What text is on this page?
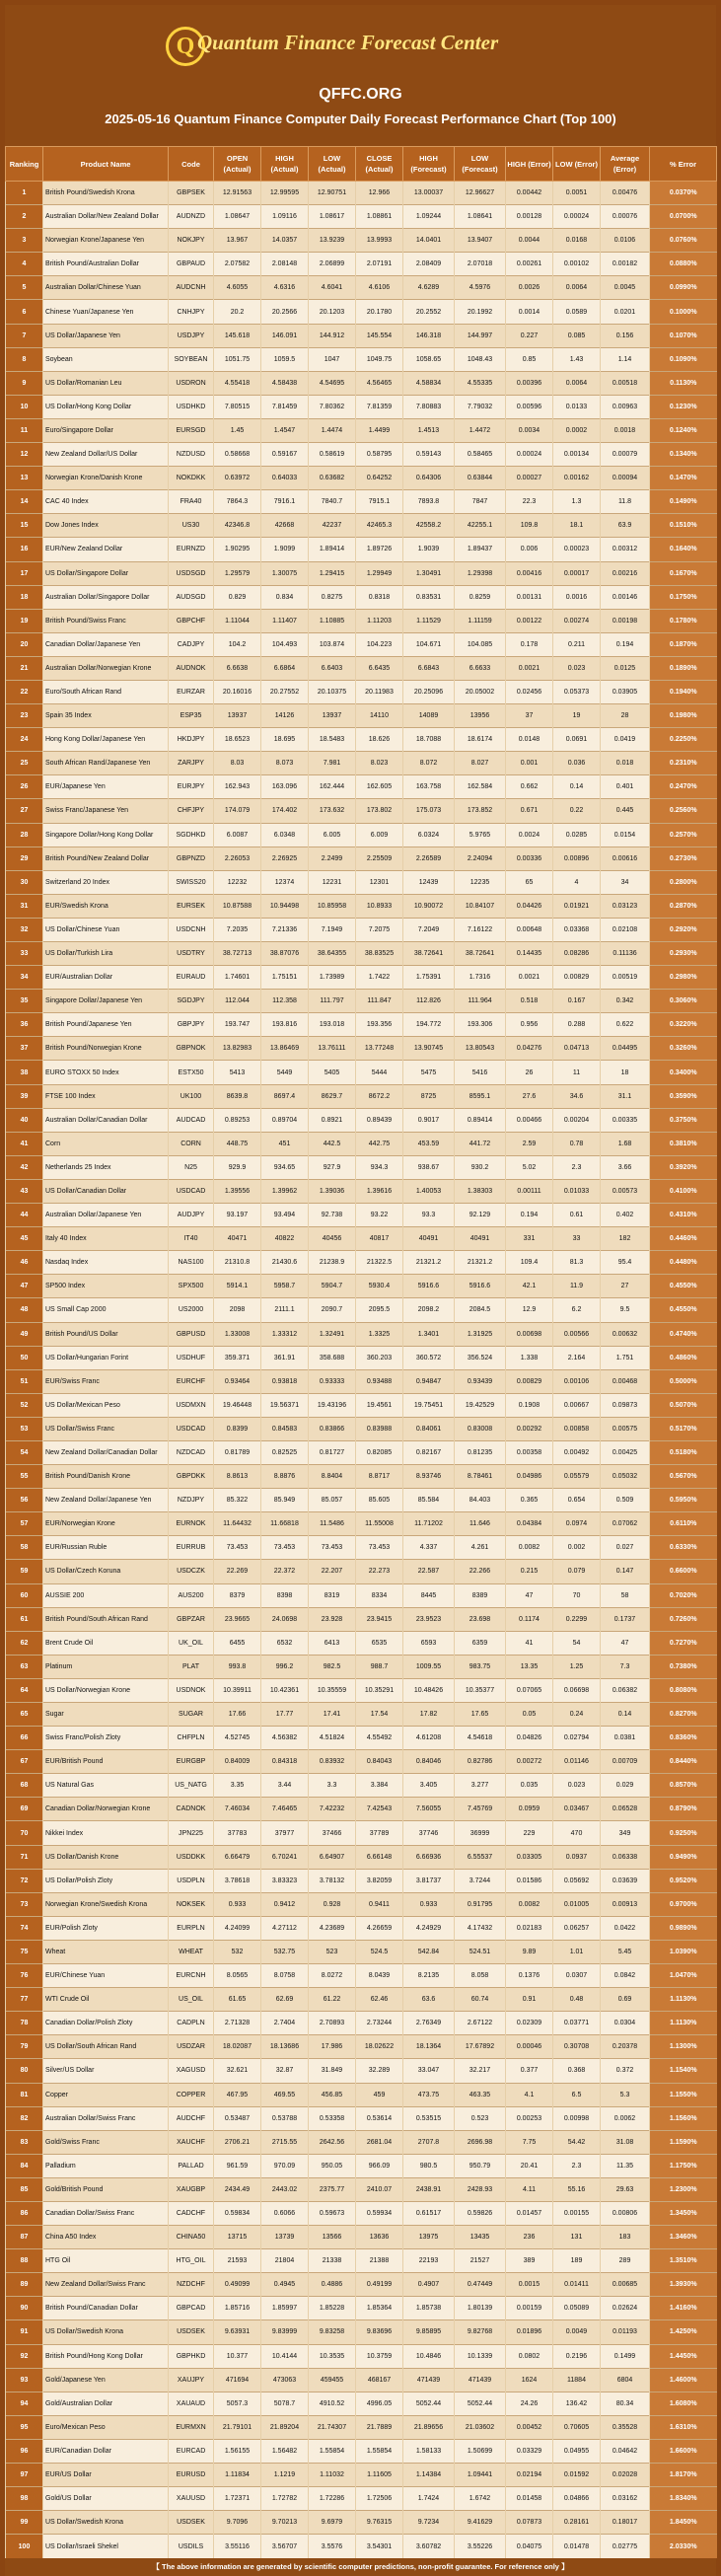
Q Quantum Finance Forecast Center
QFFC.ORG
2025-05-16 Quantum Finance Computer Daily Forecast Performance Chart (Top 100)
Ranking	Product Name	Code	OPEN (Actual)	HIGH (Actual)	LOW (Actual)	CLOSE (Actual)	HIGH (Forecast)	LOW (Forecast)	HIGH (Error)	LOW (Error)	Average (Error)	% Error
1	British Pound/Swedish Krona	GBPSEK	12.91563	12.99595	12.90751	12.966	13.00037	12.96627	0.00442	0.0051	0.00476	0.0370%
2	Australian Dollar/New Zealand Dollar	AUDNZD	1.08647	1.09116	1.08617	1.08861	1.09244	1.08641	0.00128	0.00024	0.00076	0.0700%
3	Norwegian Krone/Japanese Yen	NOKJPY	13.967	14.0357	13.9239	13.9993	14.0401	13.9407	0.0044	0.0168	0.0106	0.0760%
4	British Pound/Australian Dollar	GBPAUD	2.07582	2.08148	2.06899	2.07191	2.08409	2.07018	0.00261	0.00102	0.00182	0.0880%
5	Australian Dollar/Chinese Yuan	AUDCNH	4.6055	4.6316	4.6041	4.6106	4.6289	4.5976	0.0026	0.0064	0.0045	0.0990%
6	Chinese Yuan/Japanese Yen	CNHJPY	20.2	20.2566	20.1203	20.1780	20.2552	20.1992	0.0014	0.0589	0.0201	0.1000%
7	US Dollar/Japanese Yen	USDJPY	145.618	146.091	144.912	145.554	146.318	144.997	0.227	0.085	0.156	0.1070%
8	Soybean	SOYBEAN	1051.75	1059.5	1047	1049.75	1058.65	1048.43	0.85	1.43	1.14	0.1090%
9	US Dollar/Romanian Leu	USDRON	4.55418	4.58438	4.54695	4.56465	4.58834	4.55335	0.00396	0.0064	0.00518	0.1130%
10	US Dollar/Hong Kong Dollar	USDHKD	7.80515	7.81459	7.80362	7.81359	7.80883	7.79032	0.00596	0.0133	0.00963	0.1230%
11	Euro/Singapore Dollar	EURSGD	1.45	1.4547	1.4474	1.4499	1.4513	1.4472	0.0034	0.0002	0.0018	0.1240%
12	New Zealand Dollar/US Dollar	NZDUSD	0.58668	0.59167	0.58619	0.58795	0.59143	0.58465	0.00024	0.00134	0.00079	0.1340%
13	Norwegian Krone/Danish Krone	NOKDKK	0.63972	0.64033	0.63682	0.64252	0.64306	0.63844	0.00027	0.00162	0.00094	0.1470%
14	CAC 40 Index	FRA40	7864.3	7916.1	7840.7	7915.1	7893.8	7847	22.3	1.3	11.8	0.1490%
15	Dow Jones Index	US30	42346.8	42668	42237	42465.3	42558.2	42255.1	109.8	18.1	63.9	0.1510%
16	EUR/New Zealand Dollar	EURNZD	1.90295	1.9099	1.89414	1.89726	1.9039	1.89437	0.006	0.00023	0.00312	0.1640%
17	US Dollar/Singapore Dollar	USDSGD	1.29579	1.30075	1.29415	1.29949	1.30491	1.29398	0.00416	0.00017	0.00216	0.1670%
18	Australian Dollar/Singapore Dollar	AUDSGD	0.829	0.834	0.8275	0.8318	0.83531	0.8259	0.00131	0.0016	0.00146	0.1750%
19	British Pound/Swiss Franc	GBPCHF	1.11044	1.11407	1.10885	1.11203	1.11529	1.11159	0.00122	0.00274	0.00198	0.1780%
20	Canadian Dollar/Japanese Yen	CADJPY	104.2	104.493	103.874	104.223	104.671	104.085	0.178	0.211	0.194	0.1870%
21	Australian Dollar/Norwegian Krone	AUDNOK	6.6638	6.6864	6.6403	6.6435	6.6843	6.6633	0.0021	0.023	0.0125	0.1890%
22	Euro/South African Rand	EURZAR	20.16016	20.27552	20.10375	20.11983	20.25096	20.05002	0.02456	0.05373	0.03905	0.1940%
23	Spain 35 Index	ESP35	13937	14126	13937	14110	14089	13956	37	19	28	0.1980%
24	Hong Kong Dollar/Japanese Yen	HKDJPY	18.6523	18.695	18.5483	18.626	18.7088	18.6174	0.0148	0.0691	0.0419	0.2250%
25	South African Rand/Japanese Yen	ZARJPY	8.03	8.073	7.981	8.023	8.072	8.027	0.001	0.036	0.018	0.2310%
26	EUR/Japanese Yen	EURJPY	162.943	163.096	162.444	162.605	163.758	162.584	0.662	0.14	0.401	0.2470%
27	Swiss Franc/Japanese Yen	CHFJPY	174.079	174.402	173.632	173.802	175.073	173.852	0.671	0.22	0.445	0.2560%
28	Singapore Dollar/Hong Kong Dollar	SGDHKD	6.0087	6.0348	6.005	6.009	6.0324	5.9765	0.0024	0.0285	0.0154	0.2570%
29	British Pound/New Zealand Dollar	GBPNZD	2.26053	2.26925	2.2499	2.25509	2.26589	2.24094	0.00336	0.00896	0.00616	0.2730%
30	Switzerland 20 Index	SWISS20	12232	12374	12231	12301	12439	12235	65	4	34	0.2800%
31	EUR/Swedish Krona	EURSEK	10.87588	10.94498	10.85958	10.8933	10.90072	10.84107	0.04426	0.01921	0.03123	0.2870%
32	US Dollar/Chinese Yuan	USDCNH	7.2035	7.21336	7.1949	7.2075	7.2049	7.16122	0.00648	0.03368	0.02108	0.2920%
33	US Dollar/Turkish Lira	USDTRY	38.72713	38.87076	38.64355	38.83525	38.72641	38.72641	0.14435	0.08286	0.11136	0.2930%
34	EUR/Australian Dollar	EURAUD	1.74601	1.75151	1.73989	1.7422	1.75391	1.7316	0.0021	0.00829	0.00519	0.2980%
35	Singapore Dollar/Japanese Yen	SGDJPY	112.044	112.358	111.797	111.847	112.826	111.964	0.518	0.167	0.342	0.3060%
36	British Pound/Japanese Yen	GBPJPY	193.747	193.816	193.018	193.356	194.772	193.306	0.956	0.288	0.622	0.3220%
37	British Pound/Norwegian Krone	GBPNOK	13.82983	13.86469	13.76111	13.77248	13.90745	13.80543	0.04276	0.04713	0.04495	0.3260%
38	EURO STOXX 50 Index	ESTX50	5413	5449	5405	5444	5475	5416	26	11	18	0.3400%
39	FTSE 100 Index	UK100	8639.8	8697.4	8629.7	8672.2	8725	8595.1	27.6	34.6	31.1	0.3590%
40	Australian Dollar/Canadian Dollar	AUDCAD	0.89253	0.89704	0.8921	0.89439	0.9017	0.89414	0.00466	0.00204	0.00335	0.3750%
41	Corn	CORN	448.75	451	442.5	442.75	453.59	441.72	2.59	0.78	1.68	0.3810%
42	Netherlands 25 Index	N25	929.9	934.65	927.9	934.3	938.67	930.2	5.02	2.3	3.66	0.3920%
43	US Dollar/Canadian Dollar	USDCAD	1.39556	1.39962	1.39036	1.39616	1.40053	1.38303	0.00111	0.01033	0.00573	0.4100%
44	Australian Dollar/Japanese Yen	AUDJPY	93.197	93.494	92.738	93.22	93.3	92.129	0.194	0.61	0.402	0.4310%
45	Italy 40 Index	IT40	40471	40822	40456	40817	40491	40491	331	33	182	0.4460%
46	Nasdaq Index	NAS100	21310.8	21430.6	21238.9	21322.5	21321.2	21321.2	109.4	81.3	95.4	0.4480%
47	SP500 Index	SPX500	5914.1	5958.7	5904.7	5930.4	5916.6	5916.6	42.1	11.9	27	0.4550%
48	US Small Cap 2000	US2000	2098	2111.1	2090.7	2095.5	2098.2	2084.5	12.9	6.2	9.5	0.4550%
49	British Pound/US Dollar	GBPUSD	1.33008	1.33312	1.32491	1.3325	1.3401	1.31925	0.00698	0.00566	0.00632	0.4740%
50	US Dollar/Hungarian Forint	USDHUF	359.371	361.91	358.688	360.203	360.572	356.524	1.338	2.164	1.751	0.4860%
51	EUR/Swiss Franc	EURCHF	0.93464	0.93818	0.93333	0.93488	0.94847	0.93439	0.00829	0.00106	0.00468	0.5000%
52	US Dollar/Mexican Peso	USDMXN	19.46448	19.56371	19.43196	19.4561	19.75451	19.42529	0.1908	0.00667	0.09873	0.5070%
53	US Dollar/Swiss Franc	USDCAD	0.8399	0.84583	0.83866	0.83988	0.84061	0.83008	0.00292	0.00858	0.00575	0.5170%
54	New Zealand Dollar/Canadian Dollar	NZDCAD	0.81789	0.82525	0.81727	0.82085	0.82167	0.81235	0.00358	0.00492	0.00425	0.5180%
55	British Pound/Danish Krone	GBPDKK	8.8613	8.8876	8.8404	8.8717	8.93746	8.78461	0.04986	0.05579	0.05032	0.5670%
56	New Zealand Dollar/Japanese Yen	NZDJPY	85.322	85.949	85.057	85.605	85.584	84.403	0.365	0.654	0.509	0.5950%
57	EUR/Norwegian Krone	EURNOK	11.64432	11.66818	11.5486	11.55008	11.71202	11.646	0.04384	0.0974	0.07062	0.6110%
58	EUR/Russian Ruble	EURRUB	73.453	73.453	73.453	73.453	4.337	4.261	0.0082	0.002	0.027	0.6330%
59	US Dollar/Czech Koruna	USDCZK	22.269	22.372	22.207	22.273	22.587	22.266	0.215	0.079	0.147	0.6600%
60	AUSSIE 200	AUS200	8379	8398	8319	8334	8445	8389	47	70	58	0.7020%
61	British Pound/South African Rand	GBPZAR	23.9665	24.0698	23.928	23.9415	23.9523	23.698	0.1174	0.2299	0.1737	0.7260%
62	Brent Crude Oil	UK_OIL	6455	6532	6413	6535	6593	6359	41	54	47	0.7270%
63	Platinum	PLAT	993.8	996.2	982.5	988.7	1009.55	983.75	13.35	1.25	7.3	0.7380%
64	US Dollar/Norwegian Krone	USDNOK	10.39911	10.42361	10.35559	10.35291	10.48426	10.35377	0.07065	0.06698	0.06382	0.8080%
65	Sugar	SUGAR	17.66	17.77	17.41	17.54	17.82	17.65	0.05	0.24	0.14	0.8270%
66	Swiss Franc/Polish Zloty	CHFPLN	4.52745	4.56382	4.51824	4.55492	4.61208	4.54618	0.04826	0.02794	0.0381	0.8360%
67	EUR/British Pound	EURGBP	0.84009	0.84318	0.83932	0.84043	0.84046	0.82786	0.00272	0.01146	0.00709	0.8440%
68	US Natural Gas	US_NATG	3.35	3.44	3.3	3.384	3.405	3.277	0.035	0.023	0.029	0.8570%
69	Canadian Dollar/Norwegian Krone	CADNOK	7.46034	7.46465	7.42232	7.42543	7.56055	7.45769	0.0959	0.03467	0.06528	0.8790%
70	Nikkei Index	JPN225	37783	37977	37466	37789	37746	36999	229	470	349	0.9250%
71	US Dollar/Danish Krone	USDDKK	6.66479	6.70241	6.64907	6.66148	6.66936	6.55537	0.03305	0.0937	0.06338	0.9490%
72	US Dollar/Polish Zloty	USDPLN	3.78618	3.83323	3.78132	3.82059	3.81737	3.7244	0.01586	0.05692	0.03639	0.9520%
73	Norwegian Krone/Swedish Krona	NOKSEK	0.933	0.9412	0.928	0.9411	0.933	0.91795	0.0082	0.01005	0.00913	0.9700%
74	EUR/Polish Zloty	EURPLN	4.24099	4.27112	4.23689	4.26659	4.24929	4.17432	0.02183	0.06257	0.0422	0.9890%
75	Wheat	WHEAT	532	532.75	523	524.5	542.84	524.51	9.89	1.01	5.45	1.0390%
76	EUR/Chinese Yuan	EURCNH	8.0565	8.0758	8.0272	8.0439	8.2135	8.058	0.1376	0.0307	0.0842	1.0470%
77	WTI Crude Oil	US_OIL	61.65	62.69	61.22	62.46	63.6	60.74	0.91	0.48	0.69	1.1130%
78	Canadian Dollar/Polish Zloty	CADPLN	2.71328	2.7404	2.70893	2.73244	2.76349	2.67122	0.02309	0.03771	0.0304	1.1130%
79	US Dollar/South African Rand	USDZAR	18.02087	18.13686	17.986	18.02622	18.1364	17.67892	0.00046	0.30708	0.20378	1.1300%
80	Silver/US Dollar	XAGUSD	32.621	32.87	31.849	32.289	33.047	32.217	0.377	0.368	0.372	1.1540%
81	Copper	COPPER	467.95	469.55	456.85	459	473.75	463.35	4.1	6.5	5.3	1.1550%
82	Australian Dollar/Swiss Franc	AUDCHF	0.53487	0.53788	0.53358	0.53614	0.53515	0.523	0.00253	0.00998	0.0062	1.1560%
83	Gold/Swiss Franc	XAUCHF	2706.21	2715.55	2642.56	2681.04	2707.8	2696.98	7.75	54.42	31.08	1.1590%
84	Palladium	PALLAD	961.59	970.09	950.05	966.09	980.5	950.79	20.41	2.3	11.35	1.1750%
85	Gold/British Pound	XAUGBP	2434.49	2443.02	2375.77	2410.07	2438.91	2428.93	4.11	55.16	29.63	1.2300%
86	Canadian Dollar/Swiss Franc	CADCHF	0.59834	0.6066	0.59673	0.59934	0.61517	0.59826	0.01457	0.00155	0.00806	1.3450%
87	China A50 Index	CHINA50	13715	13739	13566	13636	13975	13435	236	131	183	1.3460%
88	HTG Oil	HTG_OIL	21593	21804	21338	21388	22193	21527	389	189	289	1.3510%
89	New Zealand Dollar/Swiss Franc	NZDCHF	0.49099	0.4945	0.4886	0.49199	0.4907	0.47449	0.0015	0.01411	0.00685	1.3930%
90	British Pound/Canadian Dollar	GBPCAD	1.85716	1.85997	1.85228	1.85364	1.85738	1.80139	0.00159	0.05089	0.02624	1.4160%
91	US Dollar/Swedish Krona	USDSEK	9.63931	9.83999	9.83258	9.83696	9.85895	9.82768	0.01896	0.0049	0.01193	1.4250%
92	British Pound/Hong Kong Dollar	GBPHKD	10.377	10.4144	10.3535	10.3759	10.4846	10.1339	0.0802	0.2196	0.1499	1.4450%
93	Gold/Japanese Yen	XAUJPY	471694	473063	459455	468167	471439	471439	1624	11884	6804	1.4600%
94	Gold/Australian Dollar	XAUAUD	5057.3	5078.7	4910.52	4996.05	5052.44	5052.44	24.26	136.42	80.34	1.6080%
95	Euro/Mexican Peso	EURMXN	21.79101	21.89204	21.74307	21.7889	21.89656	21.03602	0.00452	0.70605	0.35528	1.6310%
96	EUR/Canadian Dollar	EURCAD	1.56155	1.56482	1.55854	1.55854	1.58133	1.50699	0.03329	0.04955	0.04642	1.6600%
97	EUR/US Dollar	EURUSD	1.11834	1.1219	1.11032	1.11605	1.14384	1.09441	0.02194	0.01592	0.02028	1.8170%
98	Gold/US Dollar	XAUUSD	1.72371	1.72782	1.72286	1.72506	1.7424	1.6742	0.01458	0.04866	0.03162	1.8340%
99	US Dollar/Swedish Krona	USDSEK	9.7096	9.70213	9.6979	9.76315	9.7234	9.41629	0.07873	0.28161	0.18017	1.8450%
100	US Dollar/Israeli Shekel	USDILS	3.55116	3.56707	3.5576	3.54301	3.60782	3.55226	0.04075	0.01478	0.02775	2.0330%
【 The above information are generated by scientific computer predictions, non-profit guarantee. For reference only 】
